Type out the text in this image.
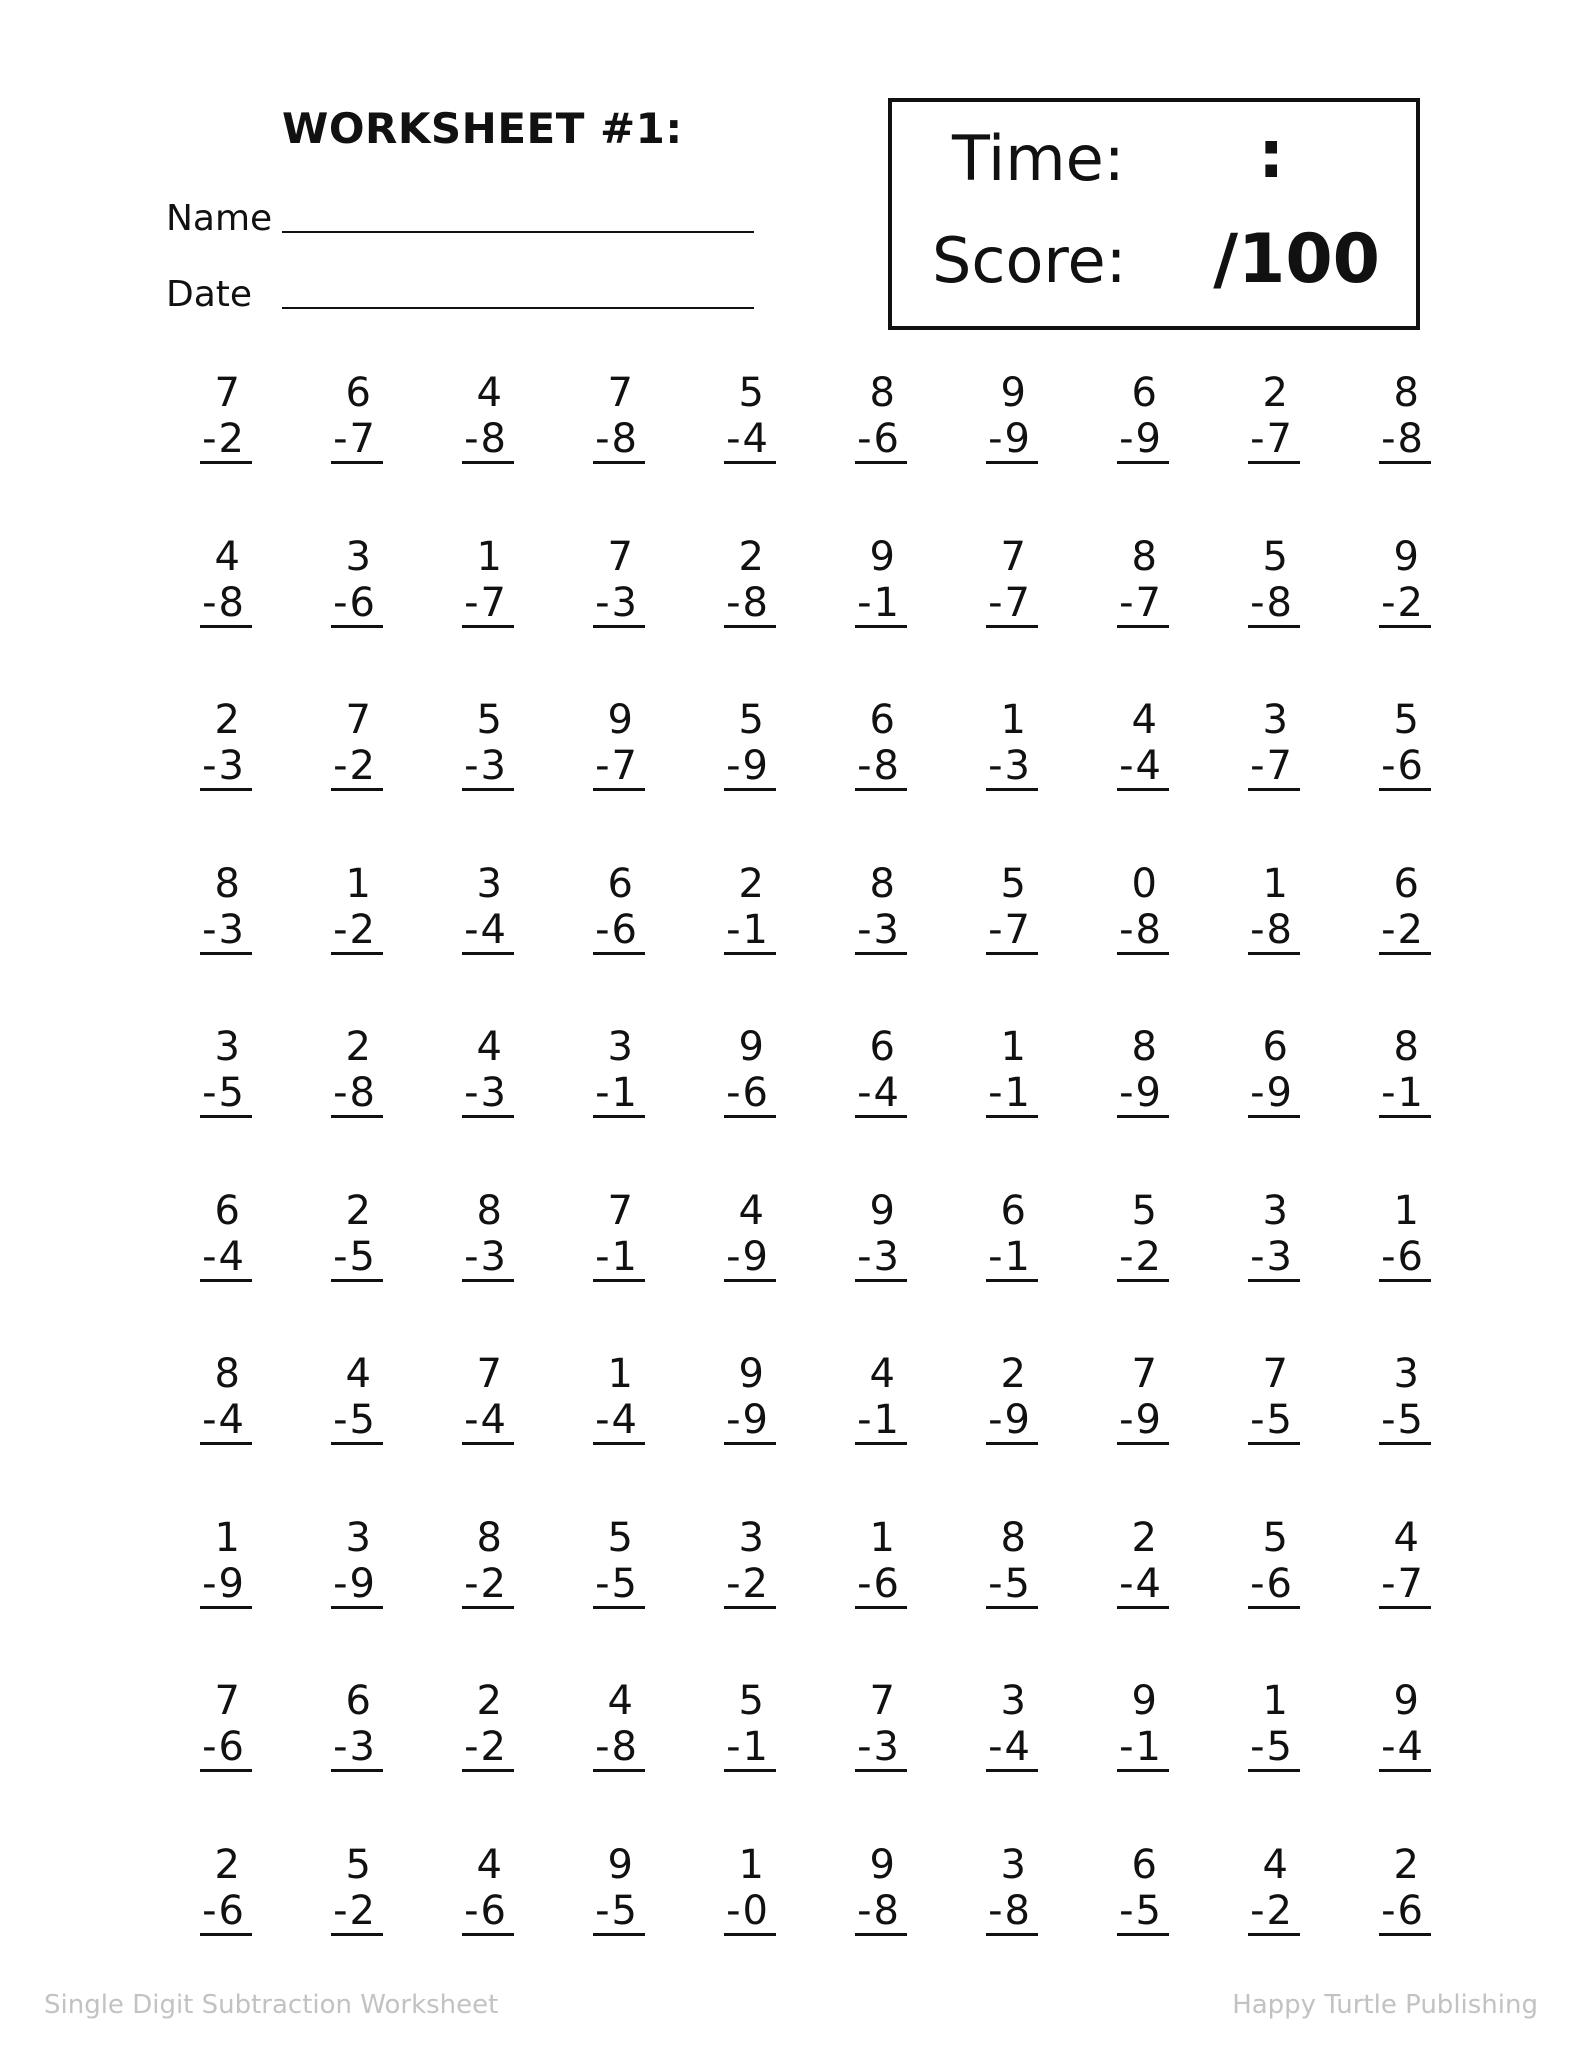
WORKSHEET #1:
Name
Date
Time: :
Score: /100
7
-2
6
-7
4
-8
7
-8
5
-4
8
-6
9
-9
6
-9
2
-7
8
-8
4
-8
3
-6
1
-7
7
-3
2
-8
9
-1
7
-7
8
-7
5
-8
9
-2
2
-3
7
-2
5
-3
9
-7
5
-9
6
-8
1
-3
4
-4
3
-7
5
-6
8
-3
1
-2
3
-4
6
-6
2
-1
8
-3
5
-7
0
-8
1
-8
6
-2
3
-5
2
-8
4
-3
3
-1
9
-6
6
-4
1
-1
8
-9
6
-9
8
-1
6
-4
2
-5
8
-3
7
-1
4
-9
9
-3
6
-1
5
-2
3
-3
1
-6
8
-4
4
-5
7
-4
1
-4
9
-9
4
-1
2
-9
7
-9
7
-5
3
-5
1
-9
3
-9
8
-2
5
-5
3
-2
1
-6
8
-5
2
-4
5
-6
4
-7
7
-6
6
-3
2
-2
4
-8
5
-1
7
-3
3
-4
9
-1
1
-5
9
-4
2
-6
5
-2
4
-6
9
-5
1
-0
9
-8
3
-8
6
-5
4
-2
2
-6
Single Digit Subtraction Worksheet	Happy Turtle Publishing
